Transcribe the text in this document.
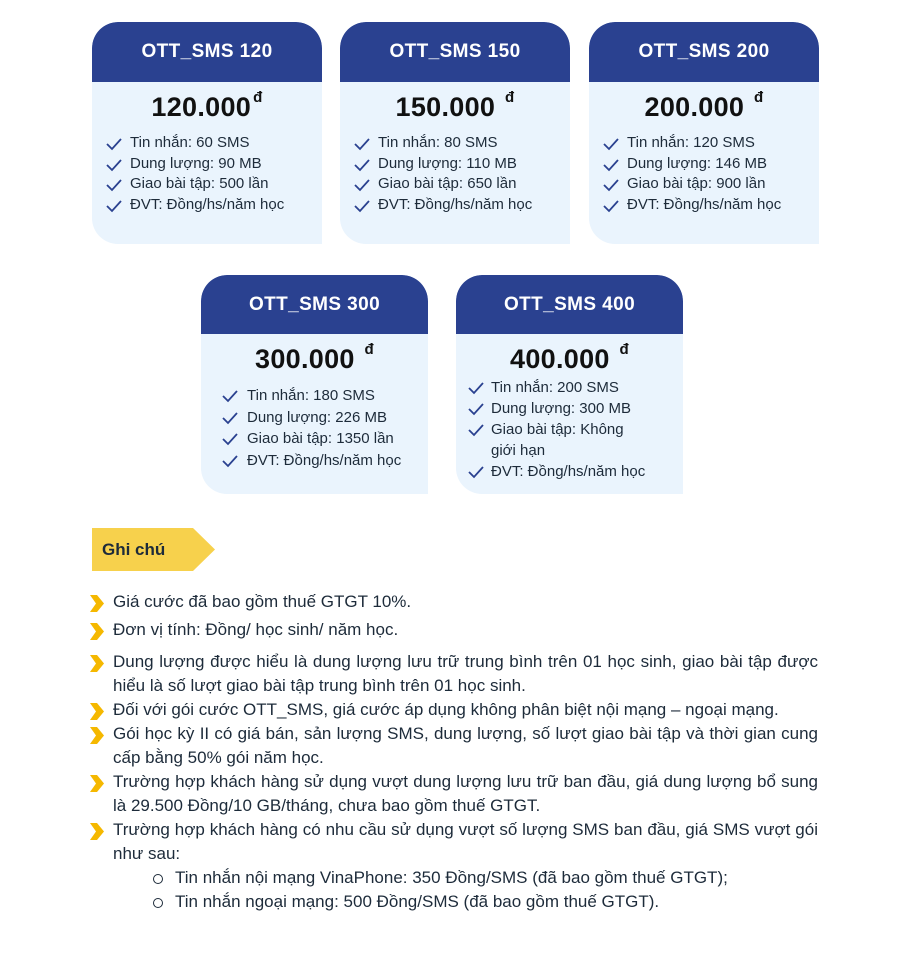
OTT_SMS 120
120.000 $^đ$
Tin nhắn: 60 SMS
Dung lượng: 90 MB
Giao bài tập: 500 lần
ĐVT: Đồng/hs/năm học
OTT_SMS 150
150.000 $^đ$
Tin nhắn: 80 SMS
Dung lượng: 110 MB
Giao bài tập: 650 lần
ĐVT: Đồng/hs/năm học
OTT_SMS 200
200.000 $^đ$
Tin nhắn: 120 SMS
Dung lượng: 146 MB
Giao bài tập: 900 lần
ĐVT: Đồng/hs/năm học
OTT_SMS 300
300.000 $^đ$
Tin nhắn: 180 SMS
Dung lượng: 226 MB
Giao bài tập: 1350 lần
ĐVT: Đồng/hs/năm học
OTT_SMS 400
400.000 $^đ$
Tin nhắn: 200 SMS
Dung lượng: 300 MB
Giao bài tập: Không giới hạn
ĐVT: Đồng/hs/năm học
Ghi chú
Giá cước đã bao gồm thuế GTGT 10%.
Đơn vị tính: Đồng/ học sinh/ năm học.
Dung lượng được hiểu là dung lượng lưu trữ trung bình trên 01 học sinh, giao bài tập được hiểu là số lượt giao bài tập trung bình trên 01 học sinh.
Đối với gói cước OTT_SMS, giá cước áp dụng không phân biệt nội mạng – ngoại mạng.
Gói học kỳ II có giá bán, sản lượng SMS, dung lượng, số lượt giao bài tập và thời gian cung cấp bằng 50% gói năm học.
Trường hợp khách hàng sử dụng vượt dung lượng lưu trữ ban đầu, giá dung lượng bổ sung là 29.500 Đồng/10 GB/tháng, chưa bao gồm thuế GTGT.
Trường hợp khách hàng có nhu cầu sử dụng vượt số lượng SMS ban đầu, giá SMS vượt gói như sau:
Tin nhắn nội mạng VinaPhone: 350 Đồng/SMS (đã bao gồm thuế GTGT);
Tin nhắn ngoại mạng: 500 Đồng/SMS (đã bao gồm thuế GTGT).
